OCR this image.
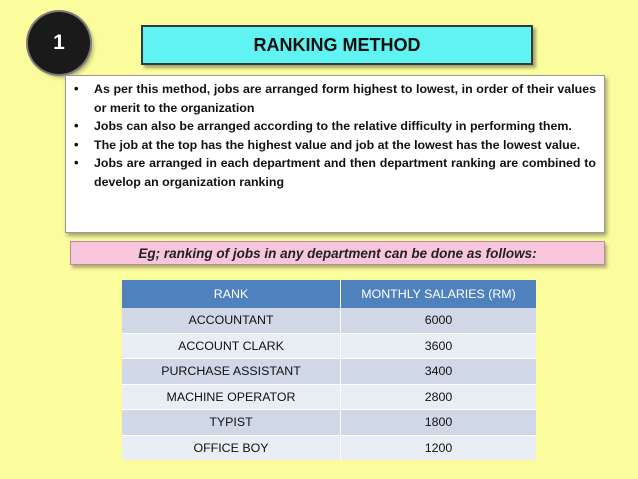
1	RANKING METHOD
•	As per this method, jobs are arranged form highest to lowest, in order of their values or merit to the organization
•	Jobs can also be arranged according to the relative difficulty in performing them.
•	The job at the top has the highest value and job at the lowest has the lowest value.
•	Jobs are arranged in each department and then department ranking are combined to develop an organization ranking
Eg; ranking of jobs in any department can be done as follows:
RANK	MONTHLY SALARIES (RM)
ACCOUNTANT	6000
ACCOUNT CLARK	3600
PURCHASE ASSISTANT	3400
MACHINE OPERATOR	2800
TYPIST	1800
OFFICE BOY	1200
